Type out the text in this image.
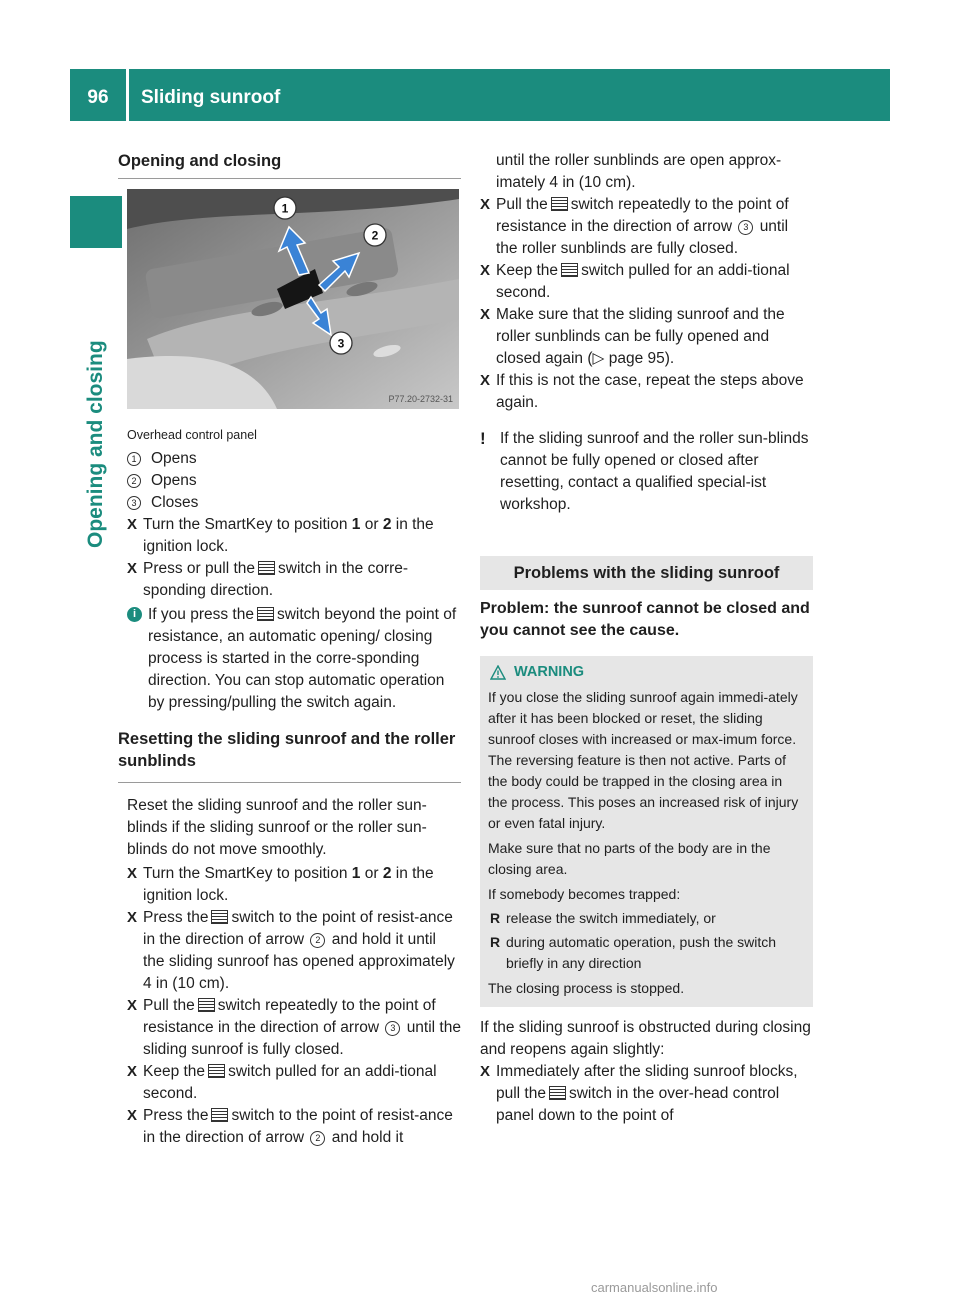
96	Sliding sunroof
Opening and closing
Opening and closing
1
2
3
P77.20-2732-31
Overhead control panel
1 Opens
2 Opens
3 Closes
X Turn the SmartKey to position 1 or 2 in the ignition lock.
X Press or pull the switch in the corre-sponding direction.
i If you press the switch beyond the point of resistance, an automatic opening/ closing process is started in the corre-sponding direction. You can stop automatic operation by pressing/pulling the switch again.
Resetting the sliding sunroof and the roller sunblinds
Reset the sliding sunroof and the roller sun-blinds if the sliding sunroof or the roller sun-blinds do not move smoothly.
X Turn the SmartKey to position 1 or 2 in the ignition lock.
X Press the switch to the point of resist-ance in the direction of arrow 2 and hold it until the sliding sunroof has opened approximately 4 in (10 cm).
X Pull the switch repeatedly to the point of resistance in the direction of arrow 3 until the sliding sunroof is fully closed.
X Keep the switch pulled for an addi-tional second.
X Press the switch to the point of resist-ance in the direction of arrow 2 and hold it
until the roller sunblinds are open approx-imately 4 in (10 cm).
X Pull the switch repeatedly to the point of resistance in the direction of arrow 3 until the roller sunblinds are fully closed.
X Keep the switch pulled for an addi-tional second.
X Make sure that the sliding sunroof and the roller sunblinds can be fully opened and closed again (▷ page 95).
X If this is not the case, repeat the steps above again.
! If the sliding sunroof and the roller sun-blinds cannot be fully opened or closed after resetting, contact a qualified special-ist workshop.
Problems with the sliding sunroof
Problem: the sunroof cannot be closed and you cannot see the cause.
WARNING

If you close the sliding sunroof again immedi-ately after it has been blocked or reset, the sliding sunroof closes with increased or max-imum force. The reversing feature is then not active. Parts of the body could be trapped in the closing area in the process. This poses an increased risk of injury or even fatal injury.

Make sure that no parts of the body are in the closing area.

If somebody becomes trapped:

R release the switch immediately, or
R during automatic operation, push the switch briefly in any direction

The closing process is stopped.

If the sliding sunroof is obstructed during closing and reopens again slightly:
X Immediately after the sliding sunroof blocks, pull the switch in the over-head control panel down to the point of
carmanualsonline.info
